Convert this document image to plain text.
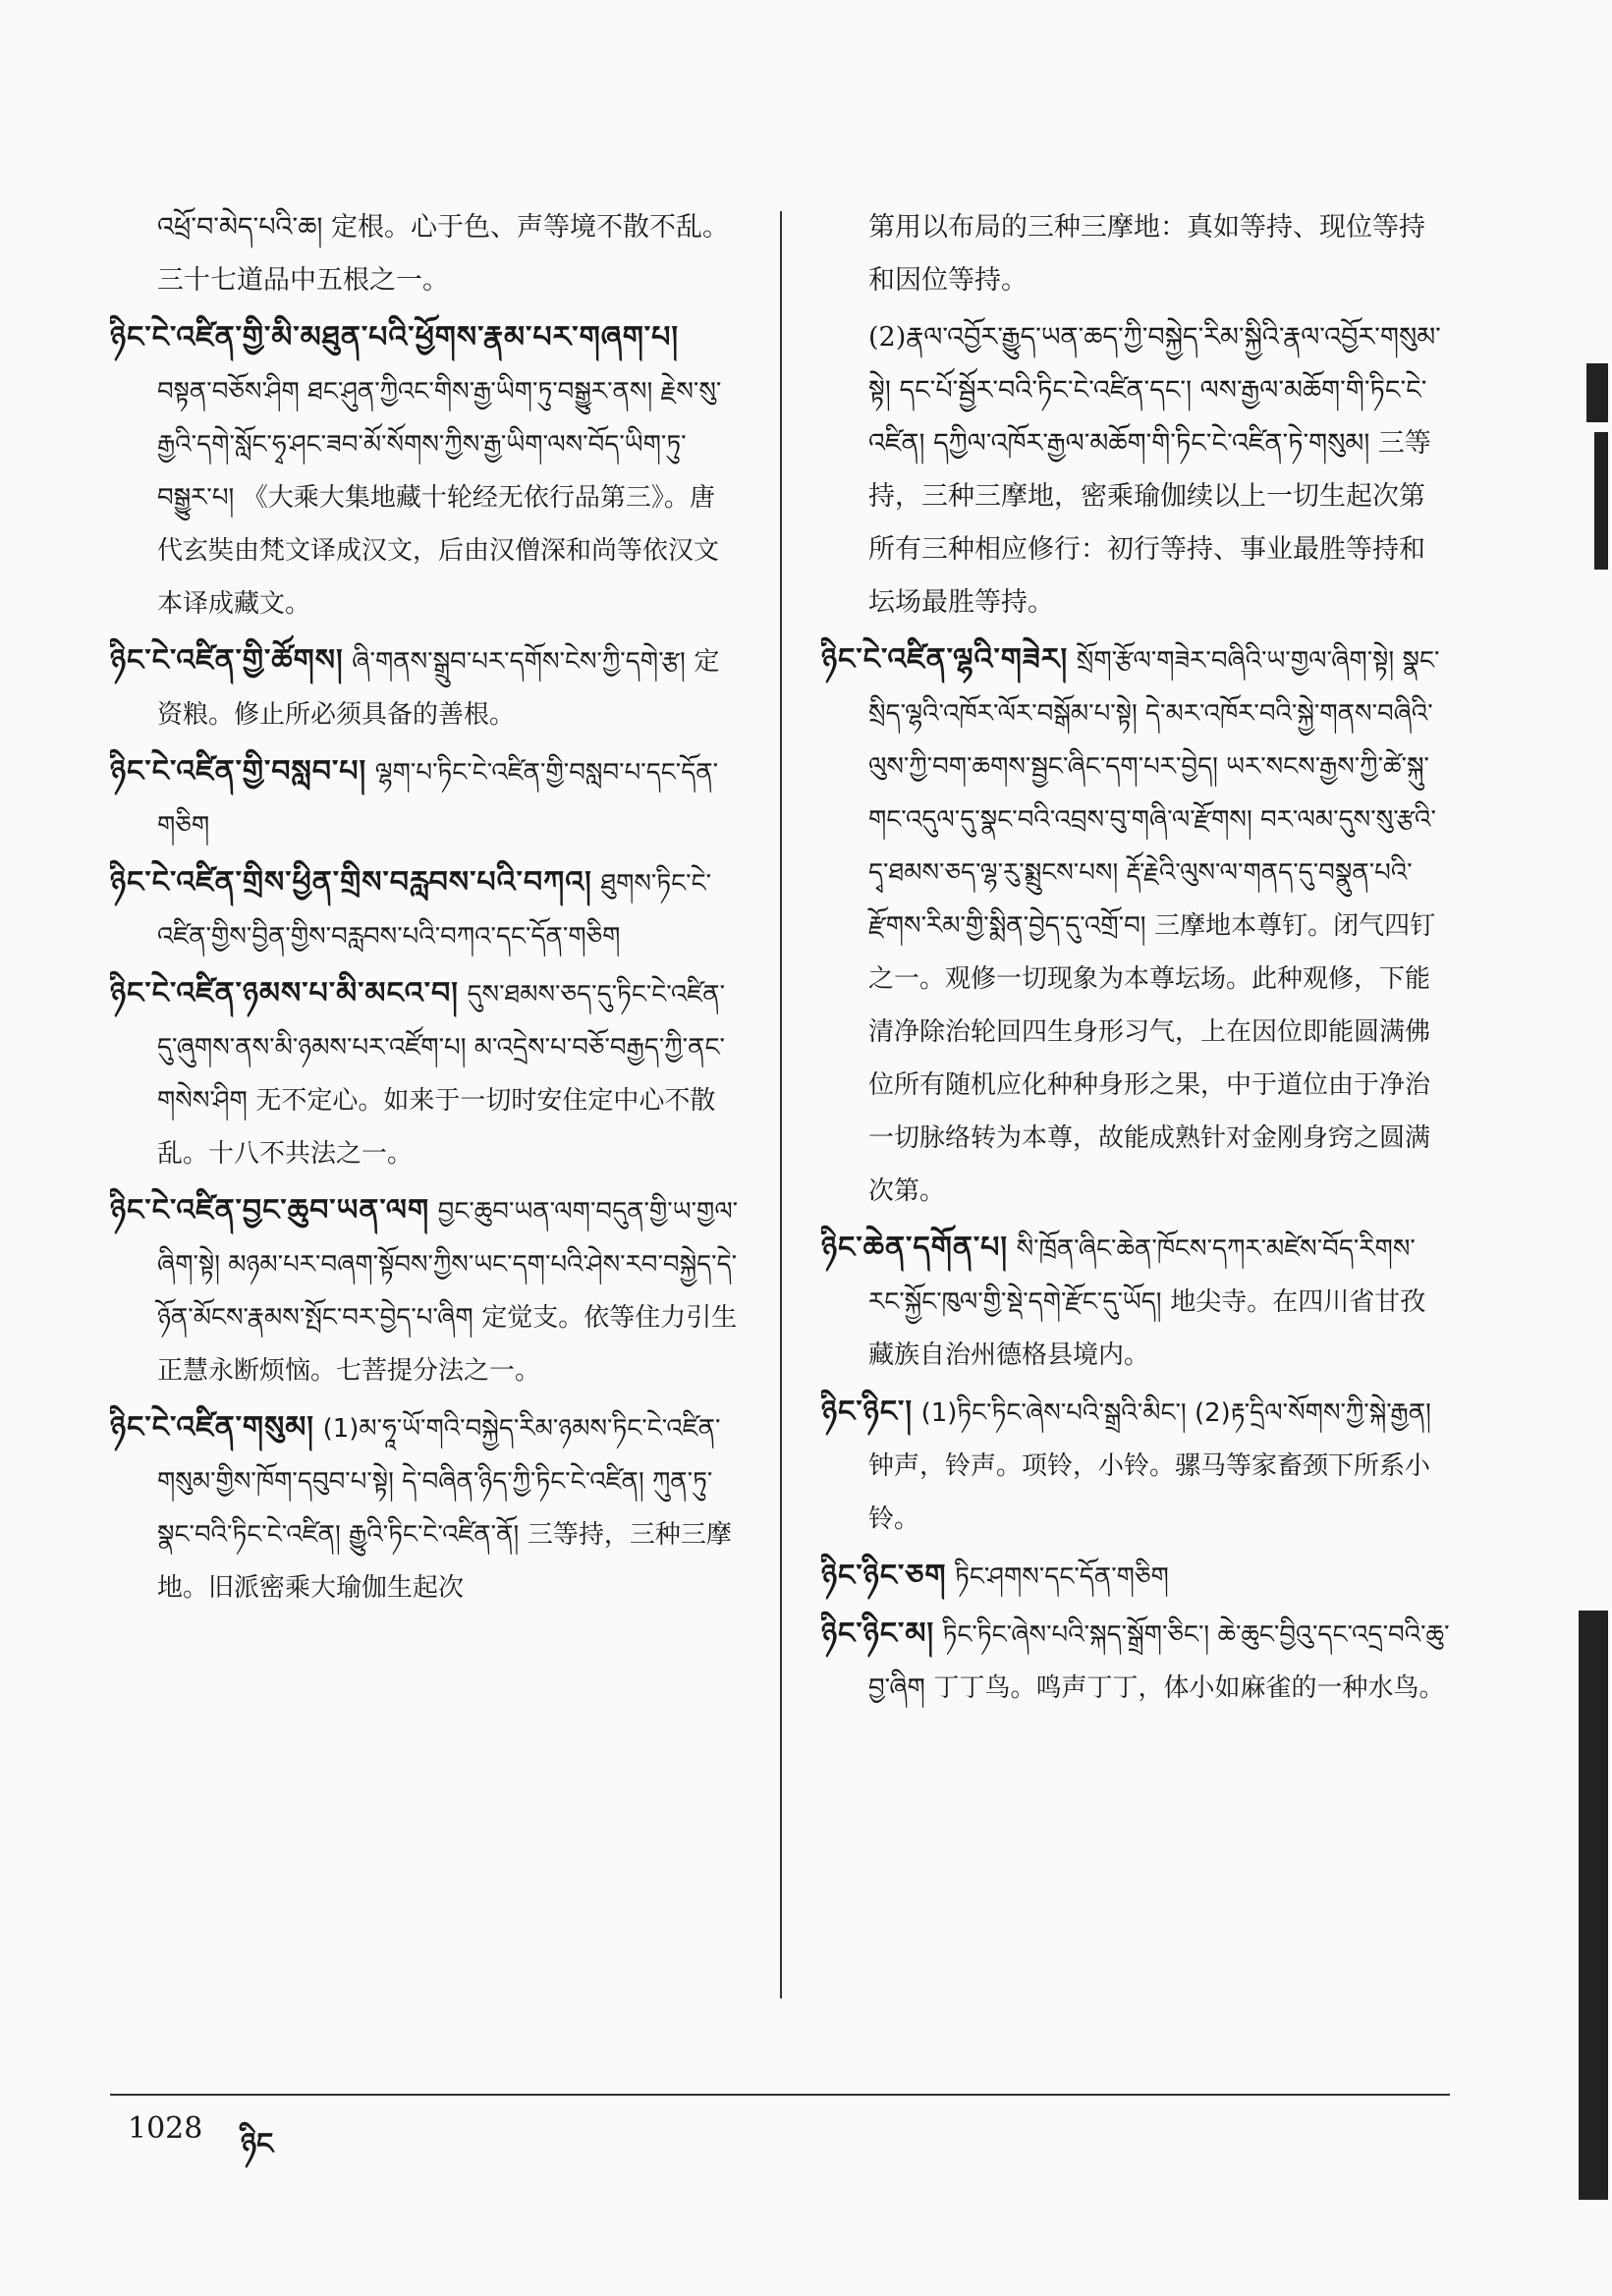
འཕྲོ་བ་མེད་པའི་ཆ། 定根。心于色、声等境不散不乱。三十七道品中五根之一。

ཉིང་ངེ་འཛིན་གྱི་མི་མཐུན་པའི་ཕྱོགས་རྣམ་པར་གཞག་པ། བསྟན་བཅོས་ཤིག ཐང་ཤུན་ཀྱིའང་གིས་རྒྱ་ཡིག་ཏུ་བསྒྱུར་ནས། རྗེས་སུ་རྒྱའི་དགེ་སློང་ཧྭ་ཤང་ཟབ་མོ་སོགས་ཀྱིས་རྒྱ་ཡིག་ལས་བོད་ཡིག་ཏུ་བསྒྱུར་པ། 《大乘大集地藏十轮经无依行品第三》。唐代玄奘由梵文译成汉文，后由汉僧深和尚等依汉文本译成藏文。

ཉིང་ངེ་འཛིན་གྱི་ཚོགས། ཞི་གནས་སྒྲུབ་པར་དགོས་ངེས་ཀྱི་དགེ་རྩ། 定资粮。修止所必须具备的善根。

ཉིང་ངེ་འཛིན་གྱི་བསླབ་པ། ལྷག་པ་ཏིང་ངེ་འཛིན་གྱི་བསླབ་པ་དང་དོན་གཅིག

ཉིང་ངེ་འཛིན་གྲིས་ཕྱིན་གྲིས་བརླབས་པའི་བཀའ། ཐུགས་ཏིང་ངེ་འཛིན་གྱིས་བྱིན་གྱིས་བརླབས་པའི་བཀའ་དང་དོན་གཅིག

ཉིང་ངེ་འཛིན་ཉམས་པ་མི་མངའ་བ། དུས་ཐམས་ཅད་དུ་ཏིང་ངེ་འཛིན་དུ་ཞུགས་ནས་མི་ཉམས་པར་འཛོག་པ། མ་འདྲེས་པ་བཅོ་བརྒྱད་ཀྱི་ནང་གསེས་ཤིག 无不定心。如来于一切时安住定中心不散乱。十八不共法之一。

ཉིང་ངེ་འཛིན་བྱང་ཆུབ་ཡན་ལག བྱང་ཆུབ་ཡན་ལག་བདུན་གྱི་ཡ་གྱལ་ཞིག་སྟེ། མཉམ་པར་བཞག་སྟོབས་ཀྱིས་ཡང་དག་པའི་ཤེས་རབ་བསྐྱེད་དེ་ཉོན་མོངས་རྣམས་སྤོང་བར་བྱེད་པ་ཞིག 定觉支。依等住力引生正慧永断烦恼。七菩提分法之一。

ཉིང་ངེ་འཛིན་གསུམ། (1)མ་ཧཱ་ཡོ་གའི་བསྐྱེད་རིམ་ཉམས་ཏིང་ངེ་འཛིན་གསུམ་གྱིས་ཁོག་དབུབ་པ་སྟེ། དེ་བཞིན་ཉིད་ཀྱི་ཏིང་ངེ་འཛིན། ཀུན་ཏུ་སྣང་བའི་ཏིང་ངེ་འཛིན། རྒྱུའི་ཏིང་ངེ་འཛིན་ནོ། 三等持，三种三摩地。旧派密乘大瑜伽生起次

第用以布局的三种三摩地：真如等持、现位等持和因位等持。

(2)རྣལ་འབྱོར་རྒྱུད་ཡན་ཆད་ཀྱི་བསྐྱེད་རིམ་སྐྱིའི་རྣལ་འབྱོར་གསུམ་སྟེ། དང་པོ་སྦྱོར་བའི་ཏིང་ངེ་འཛིན་དང་། ལས་རྒྱལ་མཆོག་གི་ཏིང་ངེ་འཛིན། དཀྱིལ་འཁོར་རྒྱལ་མཆོག་གི་ཏིང་ངེ་འཛིན་ཏེ་གསུམ། 三等持，三种三摩地，密乘瑜伽续以上一切生起次第所有三种相应修行：初行等持、事业最胜等持和坛场最胜等持。

ཉིང་ངེ་འཛིན་ལྷའི་གཟེར། སྲོག་རྩོལ་གཟེར་བཞིའི་ཡ་གྱལ་ཞིག་སྟེ། སྣང་སྲིད་ལྷའི་འཁོར་ལོར་བསྒོམ་པ་སྟེ། དེ་མར་འཁོར་བའི་སྐྱེ་གནས་བཞིའི་ལུས་ཀྱི་བག་ཆགས་སྦྱང་ཞིང་དག་པར་བྱེད། ཡར་སངས་རྒྱས་ཀྱི་ཚེ་སྐུ་གང་འདུལ་དུ་སྣང་བའི་འབྲས་བུ་གཞི་ལ་རྫོགས། བར་ལམ་དུས་སུ་རྩའི་དྭ་ཐམས་ཅད་ལྷ་རུ་སྨྲུངས་པས། རྡོ་རྗེའི་ལུས་ལ་གནད་དུ་བསྣུན་པའི་རྫོགས་རིམ་གྱི་སྨིན་བྱེད་དུ་འགྲོ་བ། 三摩地本尊钉。闭气四钉之一。观修一切现象为本尊坛场。此种观修，下能清净除治轮回四生身形习气，上在因位即能圆满佛位所有随机应化种种身形之果，中于道位由于净治一切脉络转为本尊，故能成熟针对金刚身窍之圆满次第。

ཉིང་ཆེན་དགོན་པ། སི་ཁྲོན་ཞིང་ཆེན་ཁོངས་དཀར་མཛེས་བོད་རིགས་རང་སྐྱོང་ཁུལ་གྱི་སྡེ་དགེ་རྫོང་དུ་ཡོད། 地尖寺。在四川省甘孜藏族自治州德格县境内。

ཉིང་ཉིང་། (1)ཏིང་ཏིང་ཞེས་པའི་སྒྲའི་མིང་། (2)རྟ་དྲིལ་སོགས་ཀྱི་སྐེ་རྒྱན། 钟声，铃声。项铃，小铃。骡马等家畜颈下所系小铃。

ཉིང་ཉིང་ཅག ཏིང་ཤགས་དང་དོན་གཅིག

ཉིང་ཉིང་མ། ཏིང་ཏིང་ཞེས་པའི་སྐད་སྒྲོག་ཅིང་། ཆེ་ཆུང་བྱིའུ་དང་འདྲ་བའི་ཆུ་བྱ་ཞིག 丁丁鸟。鸣声丁丁，体小如麻雀的一种水鸟。

1028 ཉིང
